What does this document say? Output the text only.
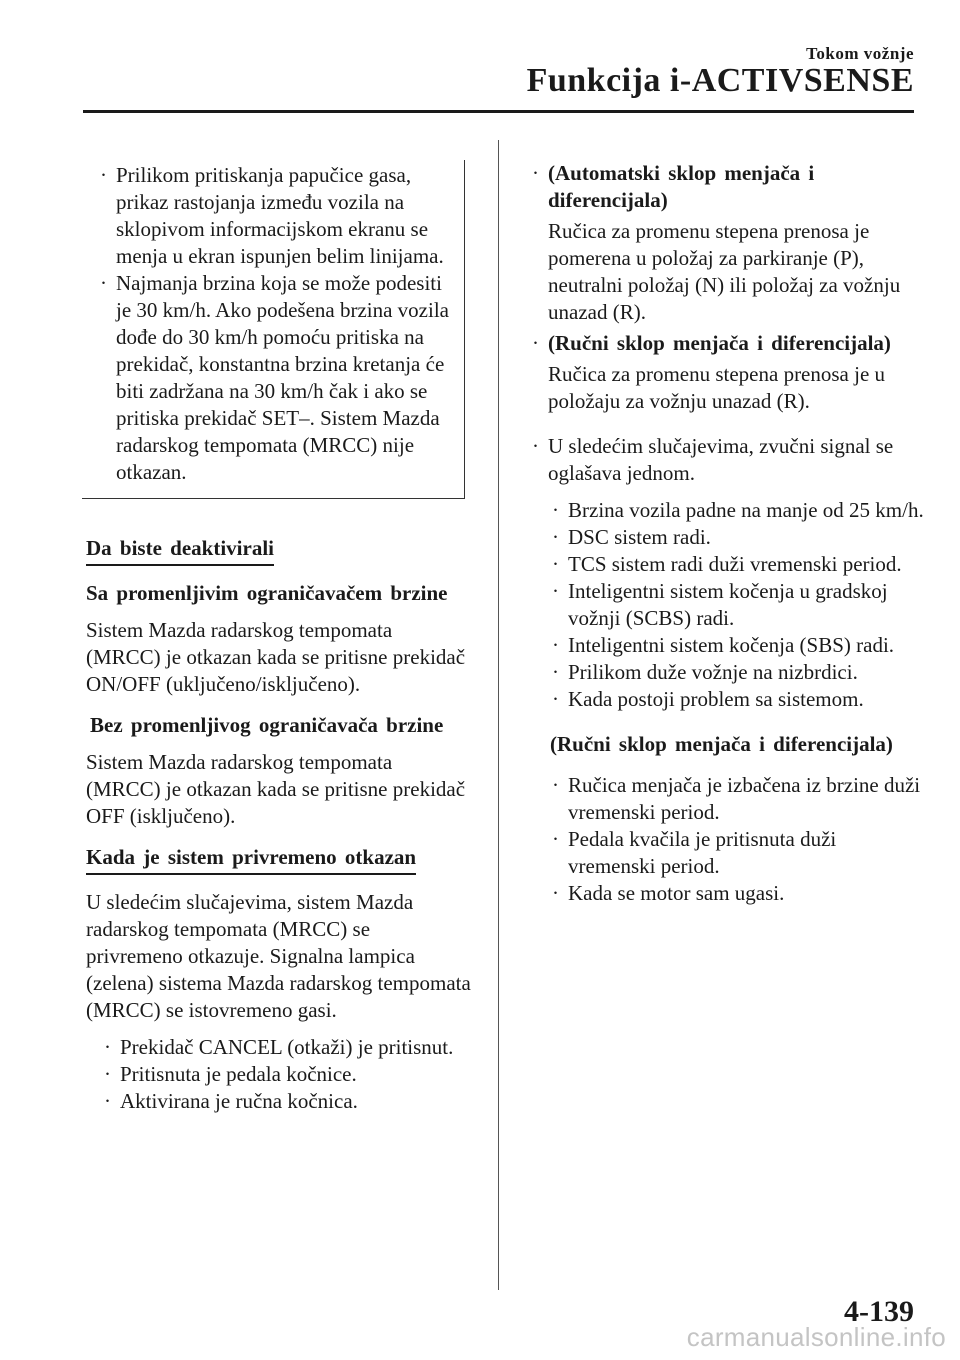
Tokom vožnje
Funkcija i-ACTIVSENSE
· Prilikom pritiskanja papučice gasa, prikaz rastojanja između vozila na sklopivom informacijskom ekranu se menja u ekran ispunjen belim linijama.
· Najmanja brzina koja se može podesiti je 30 km/h. Ako podešena brzina vozila dođe do 30 km/h pomoću pritiska na prekidač, konstantna brzina kretanja će biti zadržana na 30 km/h čak i ako se pritiska prekidač SET–. Sistem Mazda radarskog tempomata (MRCC) nije otkazan.
Da biste deaktivirali
Sa promenljivim ograničavačem brzine

Sistem Mazda radarskog tempomata (MRCC) je otkazan kada se pritisne prekidač ON/OFF (uključeno/isključeno).

Bez promenljivog ograničavača brzine

Sistem Mazda radarskog tempomata (MRCC) je otkazan kada se pritisne prekidač OFF (isključeno).

Kada je sistem privremeno otkazan

U sledećim slučajevima, sistem Mazda radarskog tempomata (MRCC) se privremeno otkazuje. Signalna lampica (zelena) sistema Mazda radarskog tempomata (MRCC) se istovremeno gasi.

· Prekidač CANCEL (otkaži) je pritisnut.
· Pritisnuta je pedala kočnice.
· Aktivirana je ručna kočnica.
· (Automatski sklop menjača i diferencijala)

Ručica za promenu stepena prenosa je pomerena u položaj za parkiranje (P), neutralni položaj (N) ili položaj za vožnju unazad (R).

· (Ručni sklop menjača i diferencijala)

Ručica za promenu stepena prenosa je u položaju za vožnju unazad (R).

· U sledećim slučajevima, zvučni signal se oglašava jednom.
· Brzina vozila padne na manje od 25 km/h.
· DSC sistem radi.
· TCS sistem radi duži vremenski period.
· Inteligentni sistem kočenja u gradskoj vožnji (SCBS) radi.
· Inteligentni sistem kočenja (SBS) radi.
· Prilikom duže vožnje na nizbrdici.
· Kada postoji problem sa sistemom.
(Ručni sklop menjača i diferencijala)
· Ručica menjača je izbačena iz brzine duži vremenski period.
· Pedala kvačila je pritisnuta duži vremenski period.
· Kada se motor sam ugasi.
4-139
carmanualsonline.info
